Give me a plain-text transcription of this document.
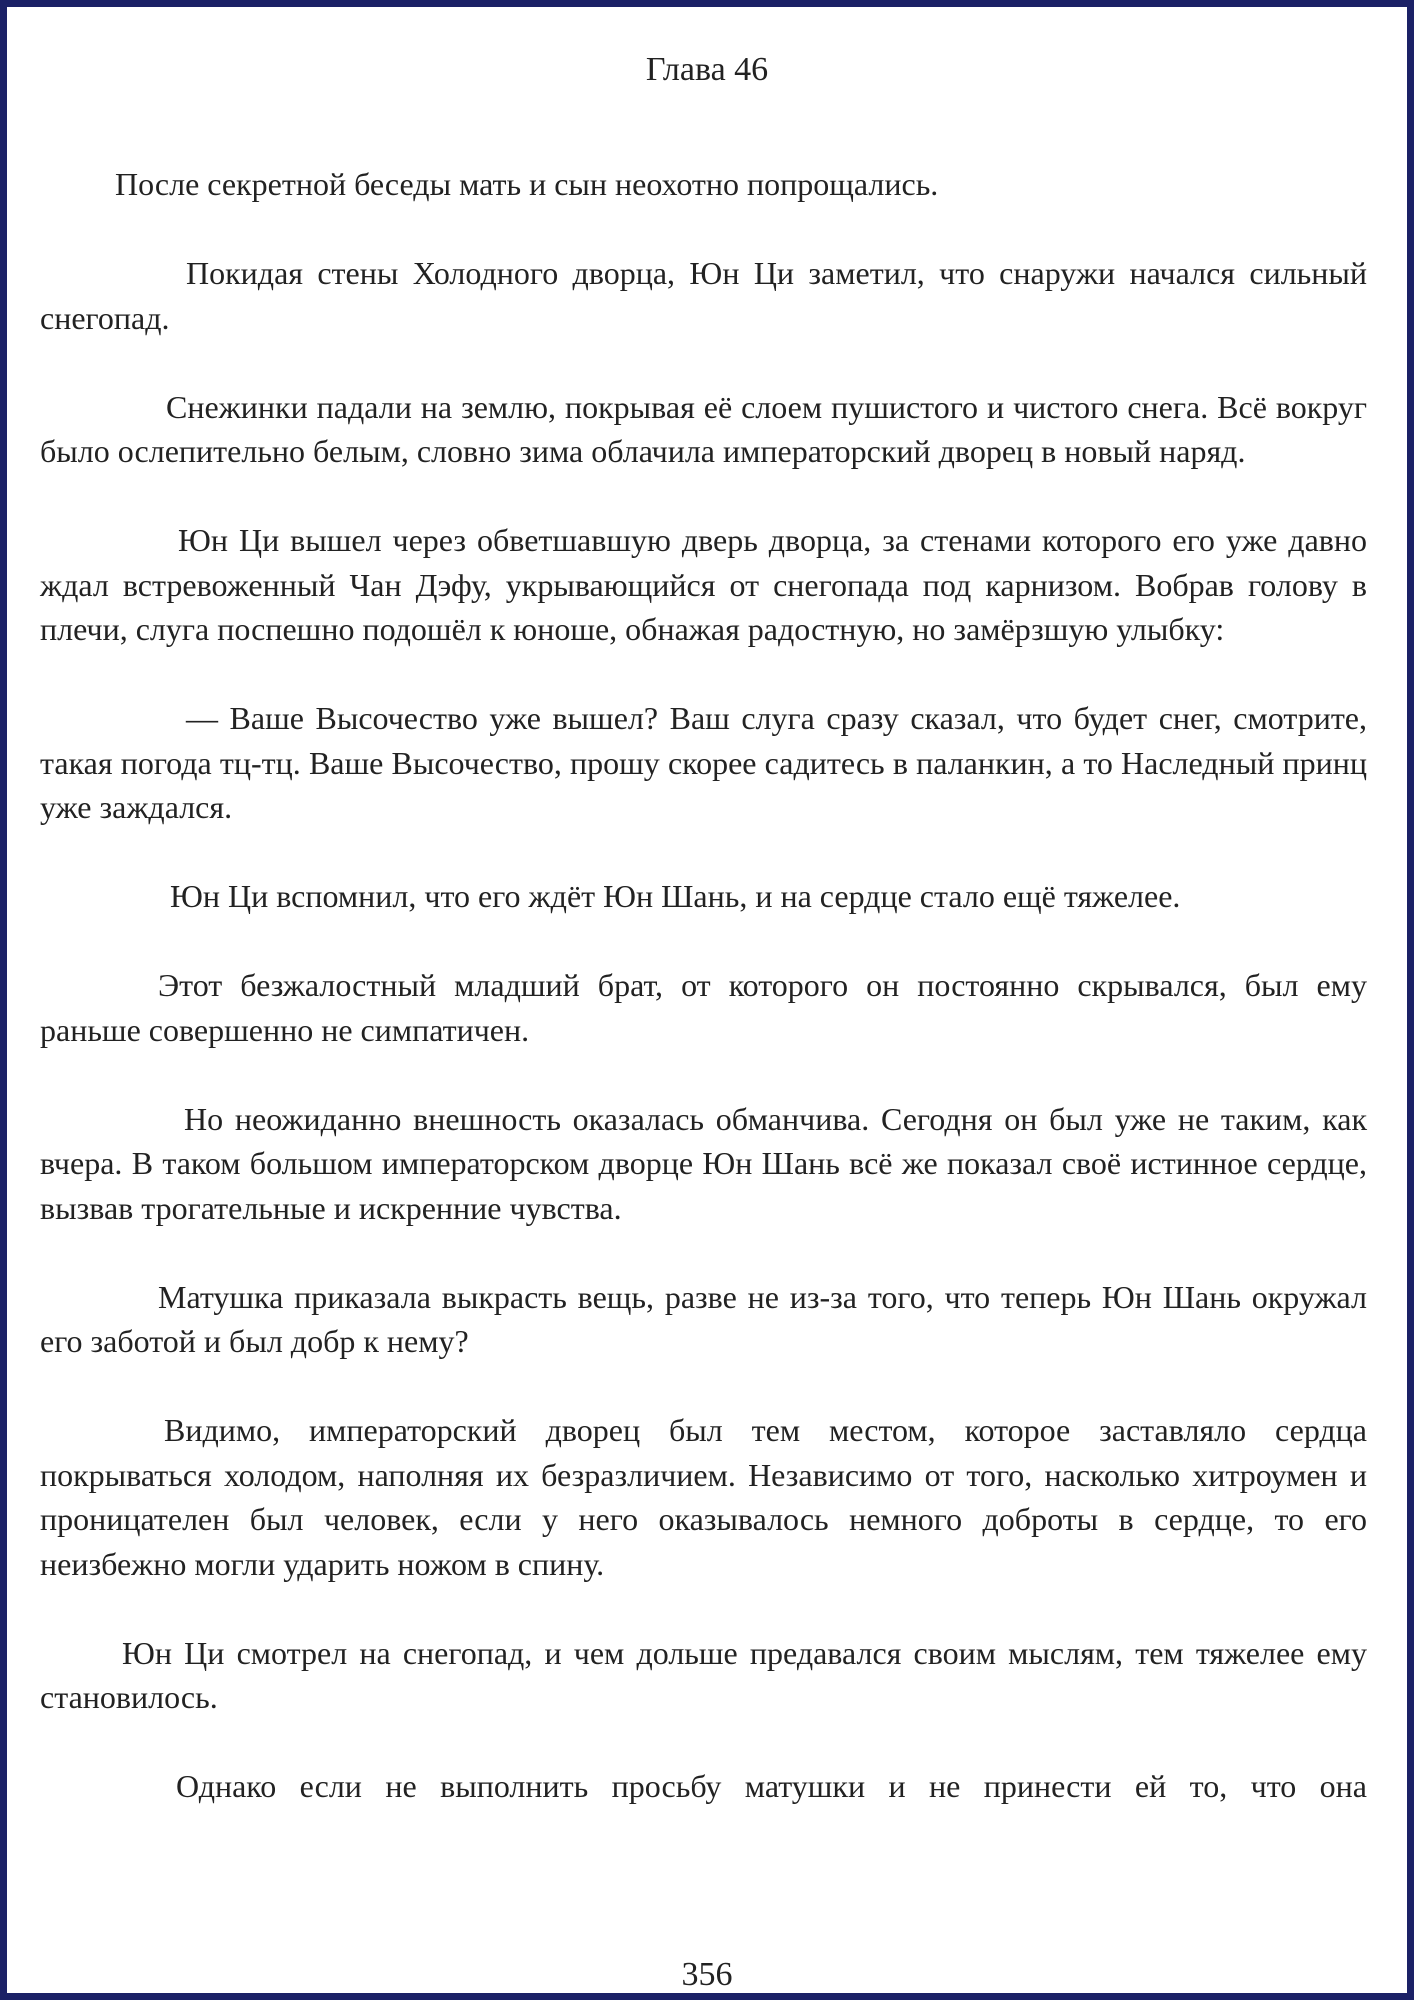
Глава 46

После секретной беседы мать и сын неохотно попрощались.

Покидая стены Холодного дворца, Юн Ци заметил, что снаружи начался сильный снегопад.

Снежинки падали на землю, покрывая её слоем пушистого и чистого снега. Всё вокруг было ослепительно белым, словно зима облачила императорский дворец в новый наряд.

Юн Ци вышел через обветшавшую дверь дворца, за стенами которого его уже давно ждал встревоженный Чан Дэфу, укрывающийся от снегопада под карнизом. Вобрав голову в плечи, слуга поспешно подошёл к юноше, обнажая радостную, но замёрзшую улыбку:

— Ваше Высочество уже вышел? Ваш слуга сразу сказал, что будет снег, смотрите, такая погода тц-тц. Ваше Высочество, прошу скорее садитесь в паланкин, а то Наследный принц уже заждался.

Юн Ци вспомнил, что его ждёт Юн Шань, и на сердце стало ещё тяжелее.

Этот безжалостный младший брат, от которого он постоянно скрывался, был ему раньше совершенно не симпатичен.

Но неожиданно внешность оказалась обманчива. Сегодня он был уже не таким, как вчера. В таком большом императорском дворце Юн Шань всё же показал своё истинное сердце, вызвав трогательные и искренние чувства.

Матушка приказала выкрасть вещь, разве не из-за того, что теперь Юн Шань окружал его заботой и был добр к нему?

Видимо, императорский дворец был тем местом, которое заставляло сердца покрываться холодом, наполняя их безразличием. Независимо от того, насколько хитроумен и проницателен был человек, если у него оказывалось немного доброты в сердце, то его неизбежно могли ударить ножом в спину.

Юн Ци смотрел на снегопад, и чем дольше предавался своим мыслям, тем тяжелее ему становилось.

Однако если не выполнить просьбу матушки и не принести ей то, что она

356
